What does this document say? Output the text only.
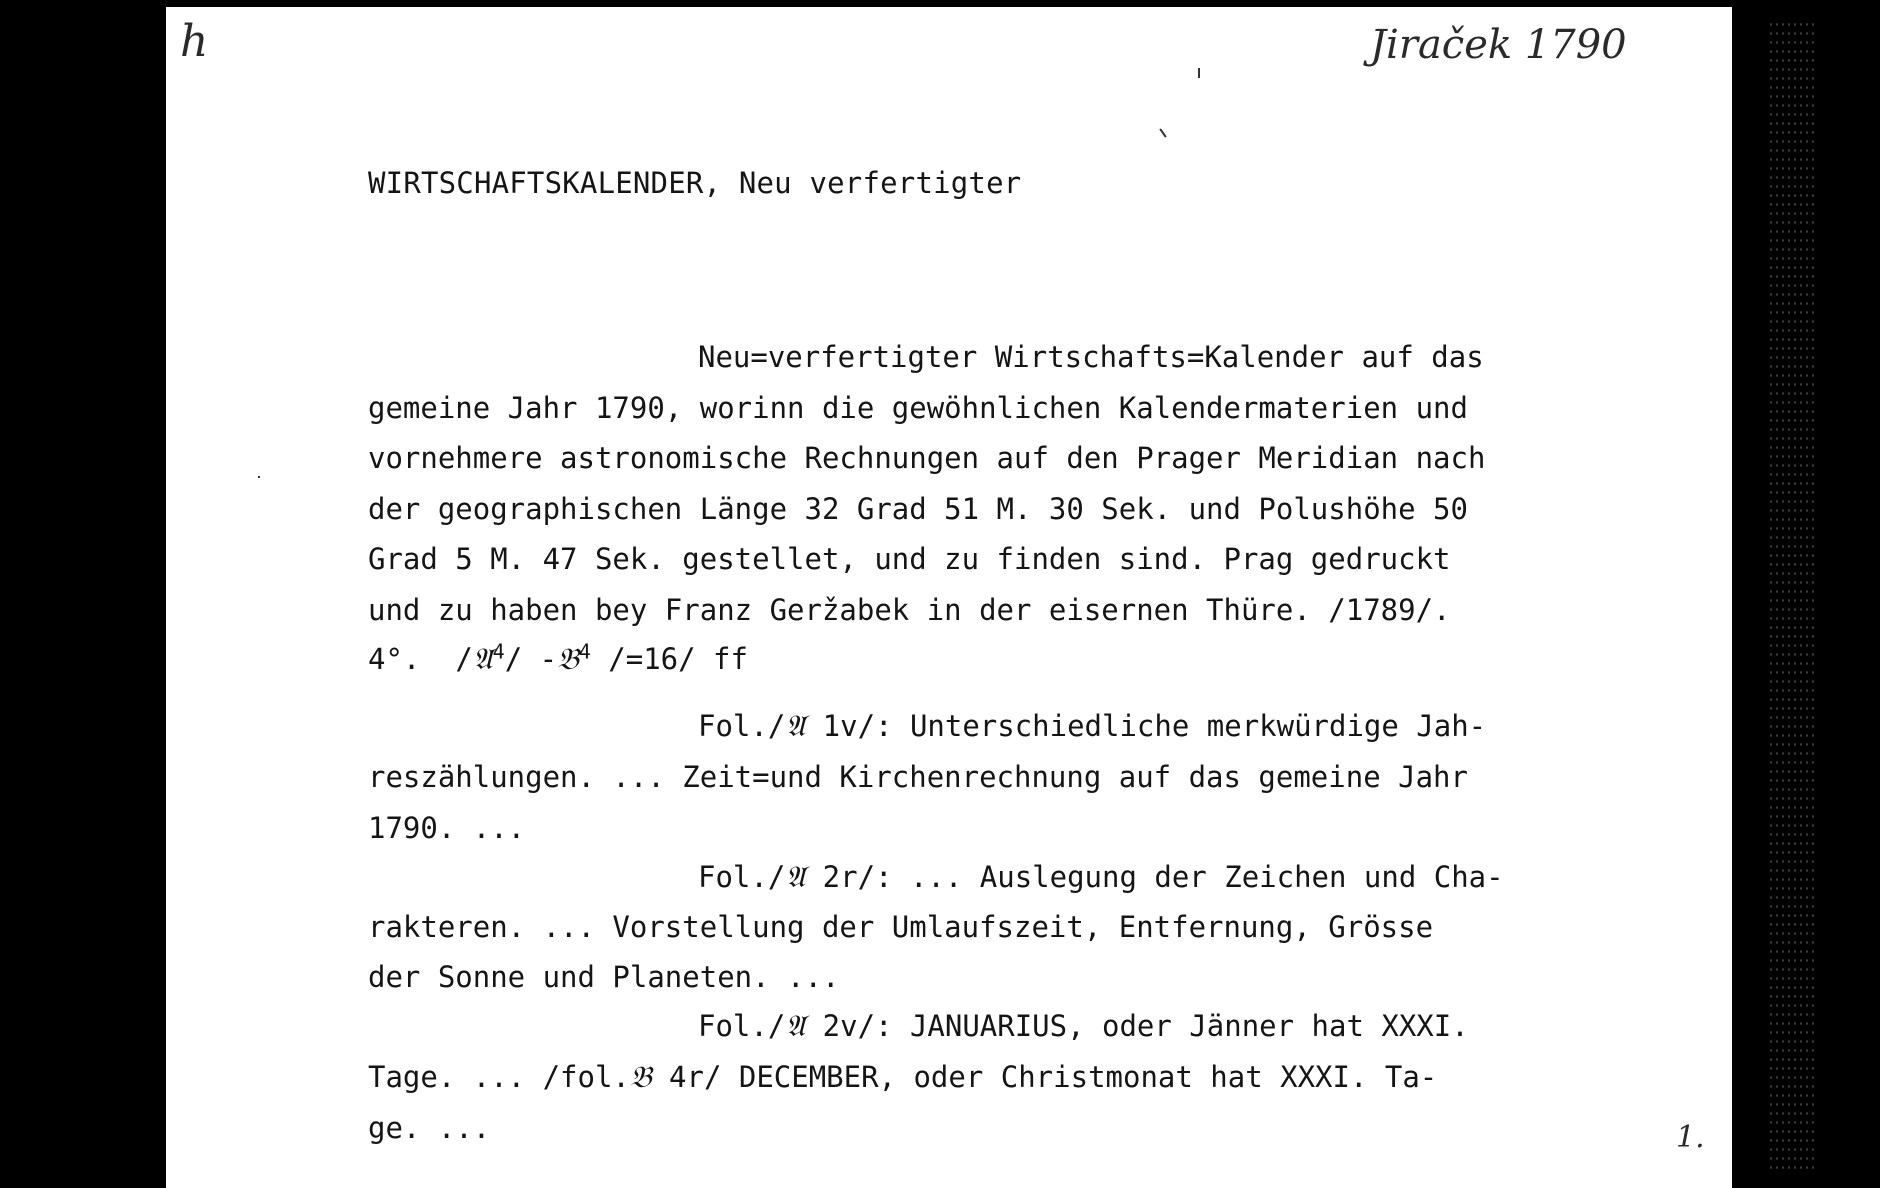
h	Jiraček 1790
1.
WIRTSCHAFTSKALENDER, Neu verfertigter
Neu=verfertigter Wirtschafts=Kalender auf das
gemeine Jahr 1790, worinn die gewöhnlichen Kalendermaterien und
vornehmere astronomische Rechnungen auf den Prager Meridian nach
der geographischen Länge 32 Grad 51 M. 30 Sek. und Polushöhe 50
Grad 5 M. 47 Sek. gestellet, und zu finden sind. Prag gedruckt
und zu haben bey Franz Geržabek in der eisernen Thüre. /1789/.
4°. /𝔄$^4$/ -𝔅$^4$ /=16/ ff
Fol./𝔄 1v/: Unterschiedliche merkwürdige Jah-
reszählungen. ... Zeit=und Kirchenrechnung auf das gemeine Jahr
1790. ...
Fol./𝔄 2r/: ... Auslegung der Zeichen und Cha-
rakteren. ... Vorstellung der Umlaufszeit, Entfernung, Grösse
der Sonne und Planeten. ...
Fol./𝔄 2v/: JANUARIUS, oder Jänner hat XXXI.
Tage. ... /fol.𝔅 4r/ DECEMBER, oder Christmonat hat XXXI. Ta-
ge. ...
